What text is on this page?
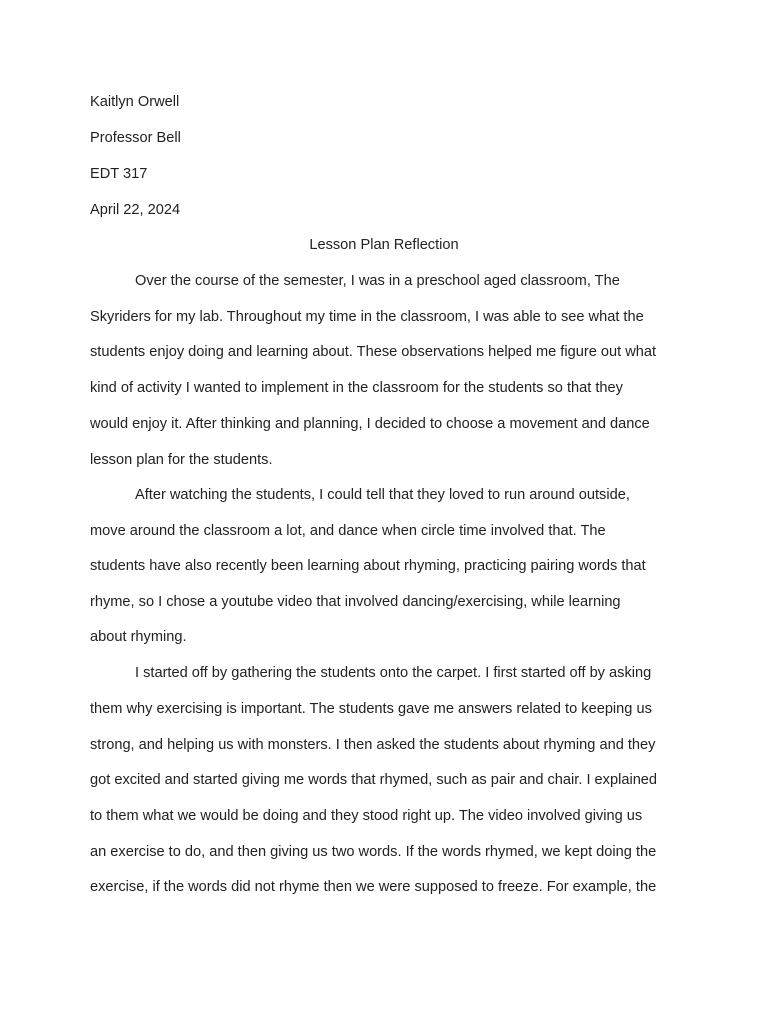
Kaitlyn Orwell
Professor Bell
EDT 317
April 22, 2024
Lesson Plan Reflection
Over the course of the semester, I was in a preschool aged classroom, The
Skyriders for my lab. Throughout my time in the classroom, I was able to see what the
students enjoy doing and learning about. These observations helped me figure out what
kind of activity I wanted to implement in the classroom for the students so that they
would enjoy it. After thinking and planning, I decided to choose a movement and dance
lesson plan for the students.
After watching the students, I could tell that they loved to run around outside,
move around the classroom a lot, and dance when circle time involved that. The
students have also recently been learning about rhyming, practicing pairing words that
rhyme, so I chose a youtube video that involved dancing/exercising, while learning
about rhyming.
I started off by gathering the students onto the carpet. I first started off by asking
them why exercising is important. The students gave me answers related to keeping us
strong, and helping us with monsters. I then asked the students about rhyming and they
got excited and started giving me words that rhymed, such as pair and chair. I explained
to them what we would be doing and they stood right up. The video involved giving us
an exercise to do, and then giving us two words. If the words rhymed, we kept doing the
exercise, if the words did not rhyme then we were supposed to freeze. For example, the
